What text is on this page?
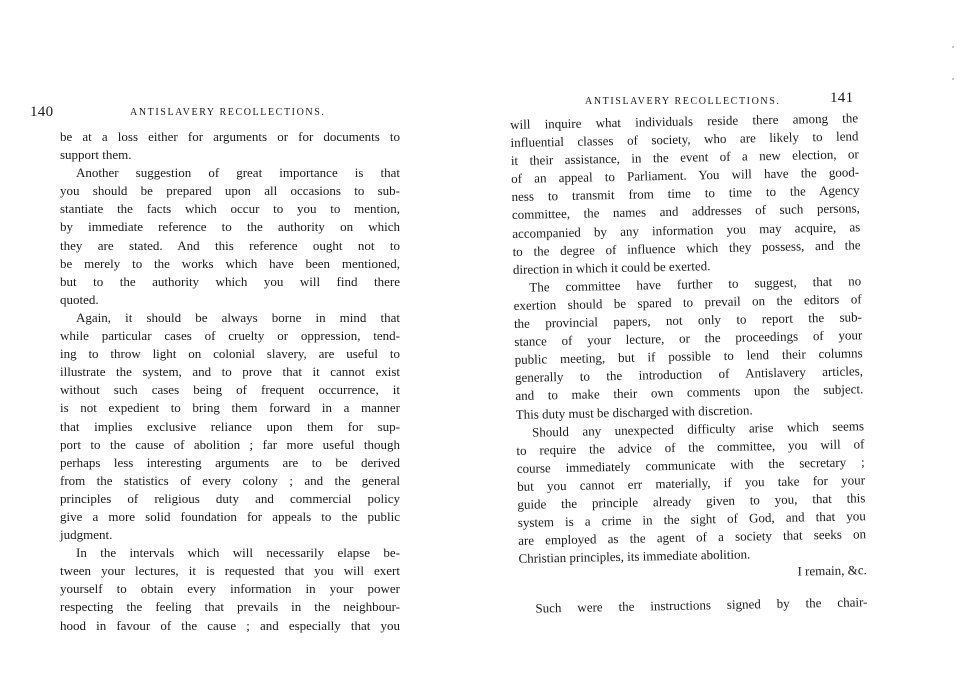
140	ANTISLAVERY RECOLLECTIONS.
be at a loss either for arguments or for documents to
support them.
Another suggestion of great importance is that
you should be prepared upon all occasions to sub-
stantiate the facts which occur to you to mention,
by immediate reference to the authority on which
they are stated. And this reference ought not to
be merely to the works which have been mentioned,
but to the authority which you will find there
quoted.
Again, it should be always borne in mind that
while particular cases of cruelty or oppression, tend-
ing to throw light on colonial slavery, are useful to
illustrate the system, and to prove that it cannot exist
without such cases being of frequent occurrence, it
is not expedient to bring them forward in a manner
that implies exclusive reliance upon them for sup-
port to the cause of abolition ; far more useful though
perhaps less interesting arguments are to be derived
from the statistics of every colony ; and the general
principles of religious duty and commercial policy
give a more solid foundation for appeals to the public
judgment.
In the intervals which will necessarily elapse be-
tween your lectures, it is requested that you will exert
yourself to obtain every information in your power
respecting the feeling that prevails in the neighbour-
hood in favour of the cause ; and especially that you
ANTISLAVERY RECOLLECTIONS.	141
will inquire what individuals reside there among the
influential classes of society, who are likely to lend
it their assistance, in the event of a new election, or
of an appeal to Parliament. You will have the good-
ness to transmit from time to time to the Agency
committee, the names and addresses of such persons,
accompanied by any information you may acquire, as
to the degree of influence which they possess, and the
direction in which it could be exerted.
The committee have further to suggest, that no
exertion should be spared to prevail on the editors of
the provincial papers, not only to report the sub-
stance of your lecture, or the proceedings of your
public meeting, but if possible to lend their columns
generally to the introduction of Antislavery articles,
and to make their own comments upon the subject.
This duty must be discharged with discretion.
Should any unexpected difficulty arise which seems
to require the advice of the committee, you will of
course immediately communicate with the secretary ;
but you cannot err materially, if you take for your
guide the principle already given to you, that this
system is a crime in the sight of God, and that you
are employed as the agent of a society that seeks on
Christian principles, its immediate abolition.
I remain, &c.
Such were the instructions signed by the chair-
